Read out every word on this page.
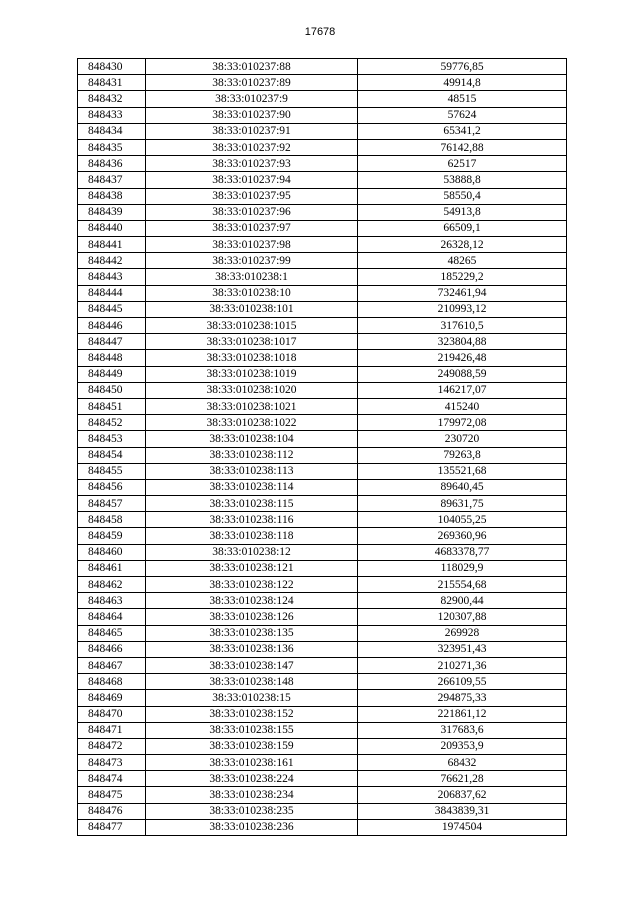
17678
848430	38:33:010237:88	59776,85
848431	38:33:010237:89	49914,8
848432	38:33:010237:9	48515
848433	38:33:010237:90	57624
848434	38:33:010237:91	65341,2
848435	38:33:010237:92	76142,88
848436	38:33:010237:93	62517
848437	38:33:010237:94	53888,8
848438	38:33:010237:95	58550,4
848439	38:33:010237:96	54913,8
848440	38:33:010237:97	66509,1
848441	38:33:010237:98	26328,12
848442	38:33:010237:99	48265
848443	38:33:010238:1	185229,2
848444	38:33:010238:10	732461,94
848445	38:33:010238:101	210993,12
848446	38:33:010238:1015	317610,5
848447	38:33:010238:1017	323804,88
848448	38:33:010238:1018	219426,48
848449	38:33:010238:1019	249088,59
848450	38:33:010238:1020	146217,07
848451	38:33:010238:1021	415240
848452	38:33:010238:1022	179972,08
848453	38:33:010238:104	230720
848454	38:33:010238:112	79263,8
848455	38:33:010238:113	135521,68
848456	38:33:010238:114	89640,45
848457	38:33:010238:115	89631,75
848458	38:33:010238:116	104055,25
848459	38:33:010238:118	269360,96
848460	38:33:010238:12	4683378,77
848461	38:33:010238:121	118029,9
848462	38:33:010238:122	215554,68
848463	38:33:010238:124	82900,44
848464	38:33:010238:126	120307,88
848465	38:33:010238:135	269928
848466	38:33:010238:136	323951,43
848467	38:33:010238:147	210271,36
848468	38:33:010238:148	266109,55
848469	38:33:010238:15	294875,33
848470	38:33:010238:152	221861,12
848471	38:33:010238:155	317683,6
848472	38:33:010238:159	209353,9
848473	38:33:010238:161	68432
848474	38:33:010238:224	76621,28
848475	38:33:010238:234	206837,62
848476	38:33:010238:235	3843839,31
848477	38:33:010238:236	1974504
